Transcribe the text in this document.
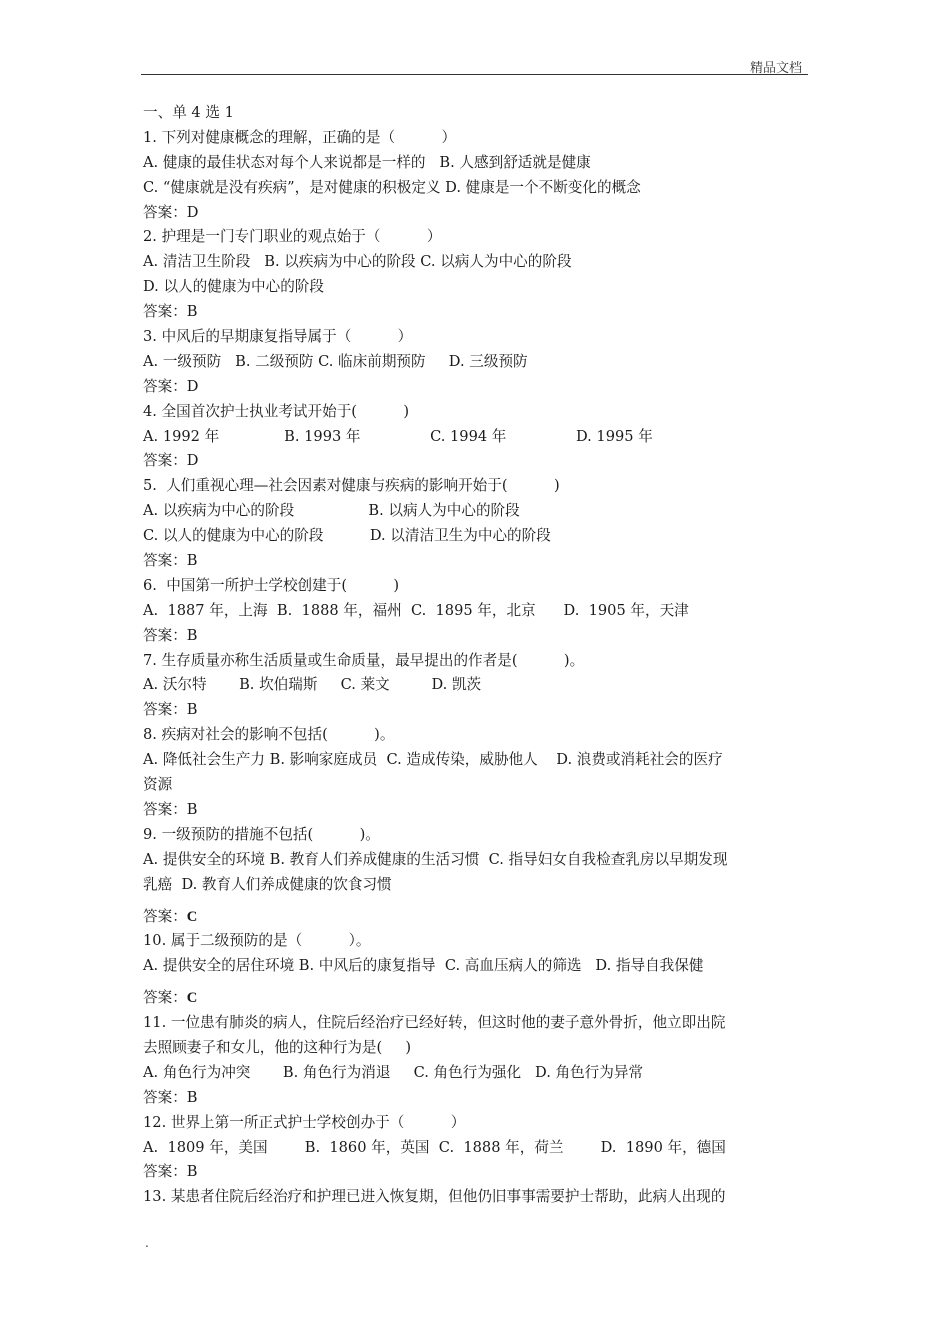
精品文档
一、单 4 选 1
1. 下列对健康概念的理解，正确的是（          ）
A. 健康的最佳状态对每个人来说都是一样的   B. 人感到舒适就是健康
C. “健康就是没有疾病”，是对健康的积极定义 D. 健康是一个不断变化的概念
答案：D
2. 护理是一门专门职业的观点始于（          ）
A. 清洁卫生阶段   B. 以疾病为中心的阶段 C. 以病人为中心的阶段
D. 以人的健康为中心的阶段
答案：B
3. 中风后的早期康复指导属于（          ）
A. 一级预防   B. 二级预防 C. 临床前期预防     D. 三级预防
答案：D
4. 全国首次护士执业考试开始于(          )
A. 1992 年              B. 1993 年               C. 1994 年               D. 1995 年
答案：D
5.  人们重视心理—社会因素对健康与疾病的影响开始于(          )
A. 以疾病为中心的阶段                B. 以病人为中心的阶段
C. 以人的健康为中心的阶段          D. 以清洁卫生为中心的阶段
答案：B
6.  中国第一所护士学校创建于(          )
A.  1887 年，上海  B.  1888 年，福州  C.  1895 年，北京      D.  1905 年，天津
答案：B
7. 生存质量亦称生活质量或生命质量，最早提出的作者是(          )。
A. 沃尔特       B. 坎伯瑞斯     C. 莱文         D. 凯茨
答案：B
8. 疾病对社会的影响不包括(          )。
A. 降低社会生产力 B. 影响家庭成员  C. 造成传染，威胁他人    D. 浪费或消耗社会的医疗
资源
答案：B
9. 一级预防的措施不包括(          )。
A. 提供安全的环境 B. 教育人们养成健康的生活习惯  C. 指导妇女自我检查乳房以早期发现
乳癌  D. 教育人们养成健康的饮食习惯
答案：C
10. 属于二级预防的是（          ）。
A. 提供安全的居住环境 B. 中风后的康复指导  C. 高血压病人的筛选   D. 指导自我保健
答案：C
11. 一位患有肺炎的病人，住院后经治疗已经好转，但这时他的妻子意外骨折，他立即出院
去照顾妻子和女儿，他的这种行为是(     )
A. 角色行为冲突       B. 角色行为消退     C. 角色行为强化   D. 角色行为异常
答案：B
12. 世界上第一所正式护士学校创办于（          ）
A.  1809 年，美国        B.  1860 年，英国  C.  1888 年，荷兰        D.  1890 年，德国
答案：B
13. 某患者住院后经治疗和护理已进入恢复期，但他仍旧事事需要护士帮助，此病人出现的
.
